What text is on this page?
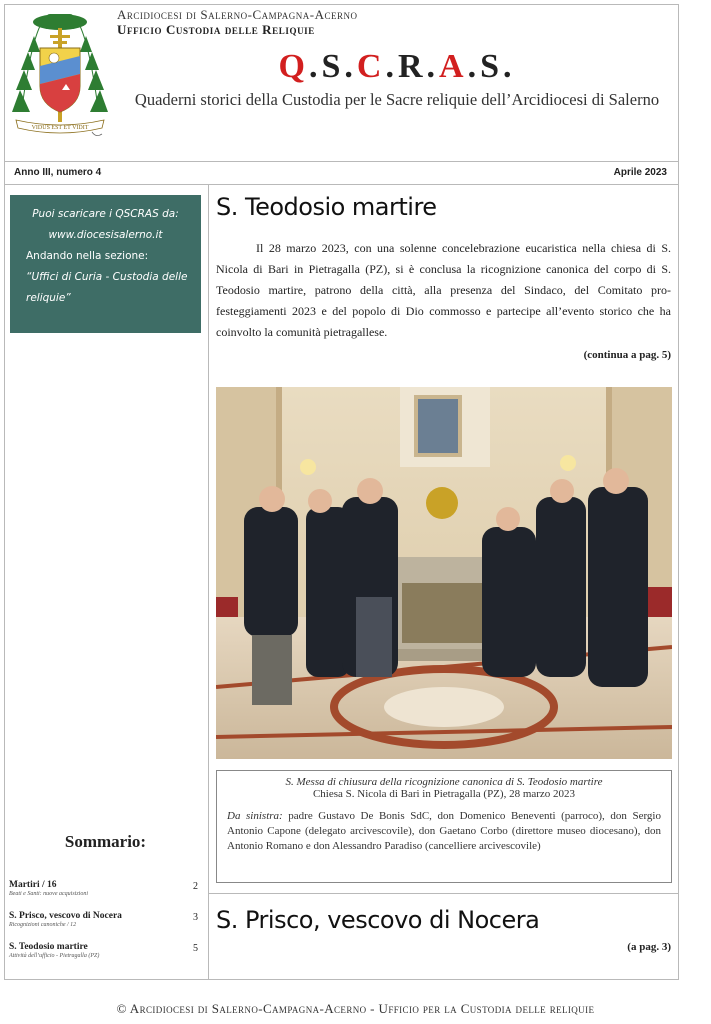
VIDUS EST ET VIDIT
Arcidiocesi di Salerno-Campagna-Acerno
Ufficio Custodia delle Reliquie
Q.S.C.R.A.S.
Quaderni storici della Custodia per le Sacre reliquie dell’Arcidiocesi di Salerno
Anno III, numero 4	Aprile 2023
Puoi scaricare i QSCRAS da:
www.diocesisalerno.it
Andando nella sezione:
“Uffici di Curia - Custodia delle
reliquie”
Sommario:
Martiri / 16
Beati e Santi: nuove acquisizioni
2
S. Prisco, vescovo di Nocera
Ricognizioni canoniche / 12
3
S. Teodosio martire
Attività dell’ufficio - Pietragalla (PZ)
5
S. Teodosio martire
Il 28 marzo 2023, con una solenne concelebrazione eucaristica nella chiesa di S. Nicola di Bari in Pietragalla (PZ), si è conclusa la ricognizione canonica del corpo di S. Teodosio martire, patrono della città, alla presenza del Sindaco, del Comitato pro-festeggiamenti 2023 e del popolo di Dio commosso e partecipe all’evento storico che ha coinvolto la comunità pietragallese.
(continua a pag. 5)
S. Messa di chiusura della ricognizione canonica di S. Teodosio martire
Chiesa S. Nicola di Bari in Pietragalla (PZ), 28 marzo 2023
Da sinistra: padre Gustavo De Bonis SdC, don Domenico Beneventi (parroco), don Sergio Antonio Capone (delegato arcivescovile), don Gaetano Corbo (direttore museo diocesano), don Antonio Romano e don Alessandro Paradiso (cancelliere arcivescovile)
S. Prisco, vescovo di Nocera
(a pag. 3)
© Arcidiocesi di Salerno-Campagna-Acerno - Ufficio per la Custodia delle reliquie
